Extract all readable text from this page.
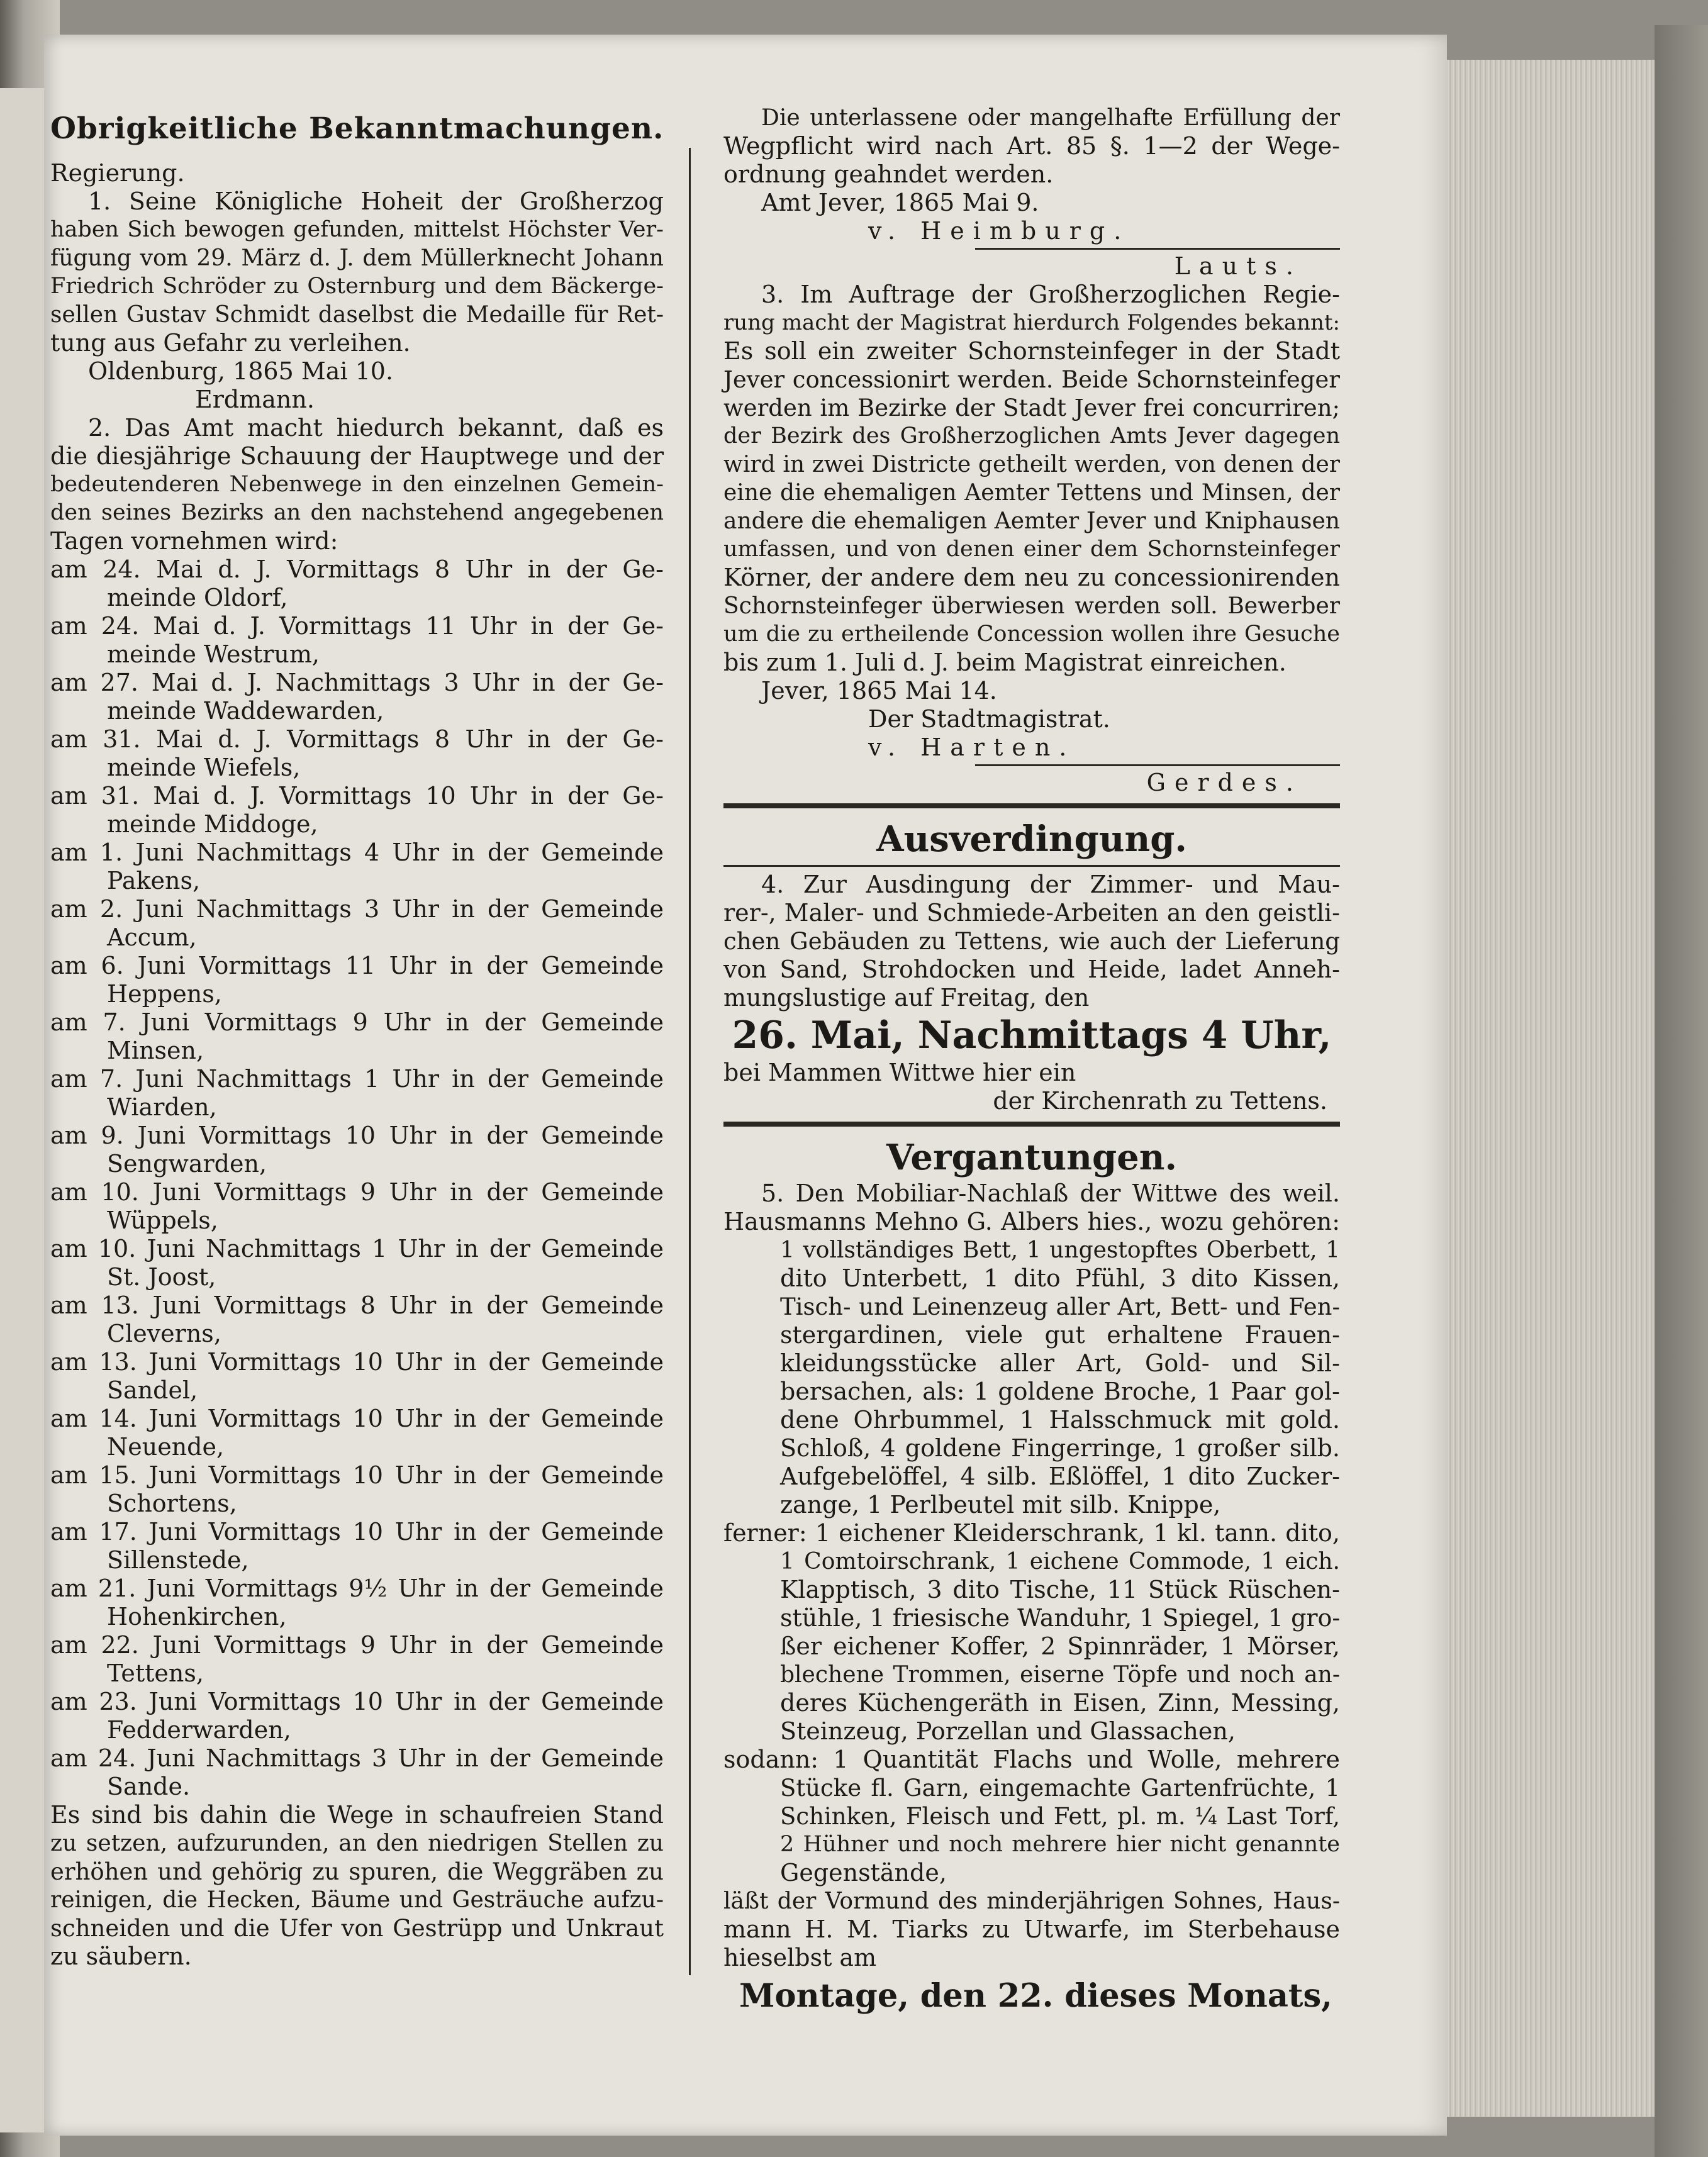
Obrigkeitliche Bekanntmachungen.
Regierung.
1. Seine Königliche Hoheit der Großherzog
haben Sich bewogen gefunden, mittelst Höchster Ver-
fügung vom 29. März d. J. dem Müllerknecht Johann
Friedrich Schröder zu Osternburg und dem Bäckerge-
sellen Gustav Schmidt daselbst die Medaille für Ret-
tung aus Gefahr zu verleihen.
Oldenburg, 1865 Mai 10.
Erdmann.
2. Das Amt macht hiedurch bekannt, daß es
die diesjährige Schauung der Hauptwege und der
bedeutenderen Nebenwege in den einzelnen Gemein-
den seines Bezirks an den nachstehend angegebenen
Tagen vornehmen wird:
am 24. Mai d. J. Vormittags 8 Uhr in der Ge-
meinde Oldorf,
am 24. Mai d. J. Vormittags 11 Uhr in der Ge-
meinde Westrum,
am 27. Mai d. J. Nachmittags 3 Uhr in der Ge-
meinde Waddewarden,
am 31. Mai d. J. Vormittags 8 Uhr in der Ge-
meinde Wiefels,
am 31. Mai d. J. Vormittags 10 Uhr in der Ge-
meinde Middoge,
am 1. Juni Nachmittags 4 Uhr in der Gemeinde
Pakens,
am 2. Juni Nachmittags 3 Uhr in der Gemeinde
Accum,
am 6. Juni Vormittags 11 Uhr in der Gemeinde
Heppens,
am 7. Juni Vormittags 9 Uhr in der Gemeinde
Minsen,
am 7. Juni Nachmittags 1 Uhr in der Gemeinde
Wiarden,
am 9. Juni Vormittags 10 Uhr in der Gemeinde
Sengwarden,
am 10. Juni Vormittags 9 Uhr in der Gemeinde
Wüppels,
am 10. Juni Nachmittags 1 Uhr in der Gemeinde
St. Joost,
am 13. Juni Vormittags 8 Uhr in der Gemeinde
Cleverns,
am 13. Juni Vormittags 10 Uhr in der Gemeinde
Sandel,
am 14. Juni Vormittags 10 Uhr in der Gemeinde
Neuende,
am 15. Juni Vormittags 10 Uhr in der Gemeinde
Schortens,
am 17. Juni Vormittags 10 Uhr in der Gemeinde
Sillenstede,
am 21. Juni Vormittags 9½ Uhr in der Gemeinde
Hohenkirchen,
am 22. Juni Vormittags 9 Uhr in der Gemeinde
Tettens,
am 23. Juni Vormittags 10 Uhr in der Gemeinde
Fedderwarden,
am 24. Juni Nachmittags 3 Uhr in der Gemeinde
Sande.
Es sind bis dahin die Wege in schaufreien Stand
zu setzen, aufzurunden, an den niedrigen Stellen zu
erhöhen und gehörig zu spuren, die Weggräben zu
reinigen, die Hecken, Bäume und Gesträuche aufzu-
schneiden und die Ufer von Gestrüpp und Unkraut
zu säubern.
Die unterlassene oder mangelhafte Erfüllung der
Wegpflicht wird nach Art. 85 §. 1—2 der Wege-
ordnung geahndet werden.
Amt Jever, 1865 Mai 9.
v. Heimburg.
Lauts.
3. Im Auftrage der Großherzoglichen Regie-
rung macht der Magistrat hierdurch Folgendes bekannt:
Es soll ein zweiter Schornsteinfeger in der Stadt
Jever concessionirt werden. Beide Schornsteinfeger
werden im Bezirke der Stadt Jever frei concurriren;
der Bezirk des Großherzoglichen Amts Jever dagegen
wird in zwei Districte getheilt werden, von denen der
eine die ehemaligen Aemter Tettens und Minsen, der
andere die ehemaligen Aemter Jever und Kniphausen
umfassen, und von denen einer dem Schornsteinfeger
Körner, der andere dem neu zu concessionirenden
Schornsteinfeger überwiesen werden soll. Bewerber
um die zu ertheilende Concession wollen ihre Gesuche
bis zum 1. Juli d. J. beim Magistrat einreichen.
Jever, 1865 Mai 14.
Der Stadtmagistrat.
v. Harten.
Gerdes.
Ausverdingung.
4. Zur Ausdingung der Zimmer- und Mau-
rer-, Maler- und Schmiede-Arbeiten an den geistli-
chen Gebäuden zu Tettens, wie auch der Lieferung
von Sand, Strohdocken und Heide, ladet Anneh-
mungslustige auf Freitag, den
26. Mai, Nachmittags 4 Uhr,
bei Mammen Wittwe hier ein
der Kirchenrath zu Tettens.
Vergantungen.
5. Den Mobiliar-Nachlaß der Wittwe des weil.
Hausmanns Mehno G. Albers hies., wozu gehören:
1 vollständiges Bett, 1 ungestopftes Oberbett, 1
dito Unterbett, 1 dito Pfühl, 3 dito Kissen,
Tisch- und Leinenzeug aller Art, Bett- und Fen-
stergardinen, viele gut erhaltene Frauen-
kleidungsstücke aller Art, Gold- und Sil-
bersachen, als: 1 goldene Broche, 1 Paar gol-
dene Ohrbummel, 1 Halsschmuck mit gold.
Schloß, 4 goldene Fingerringe, 1 großer silb.
Aufgebelöffel, 4 silb. Eßlöffel, 1 dito Zucker-
zange, 1 Perlbeutel mit silb. Knippe,
ferner: 1 eichener Kleiderschrank, 1 kl. tann. dito,
1 Comtoirschrank, 1 eichene Commode, 1 eich.
Klapptisch, 3 dito Tische, 11 Stück Rüschen-
stühle, 1 friesische Wanduhr, 1 Spiegel, 1 gro-
ßer eichener Koffer, 2 Spinnräder, 1 Mörser,
blechene Trommen, eiserne Töpfe und noch an-
deres Küchengeräth in Eisen, Zinn, Messing,
Steinzeug, Porzellan und Glassachen,
sodann: 1 Quantität Flachs und Wolle, mehrere
Stücke fl. Garn, eingemachte Gartenfrüchte, 1
Schinken, Fleisch und Fett, pl. m. ¼ Last Torf,
2 Hühner und noch mehrere hier nicht genannte
Gegenstände,
läßt der Vormund des minderjährigen Sohnes, Haus-
mann H. M. Tiarks zu Utwarfe, im Sterbehause
hieselbst am
Montage, den 22. dieses Monats,
